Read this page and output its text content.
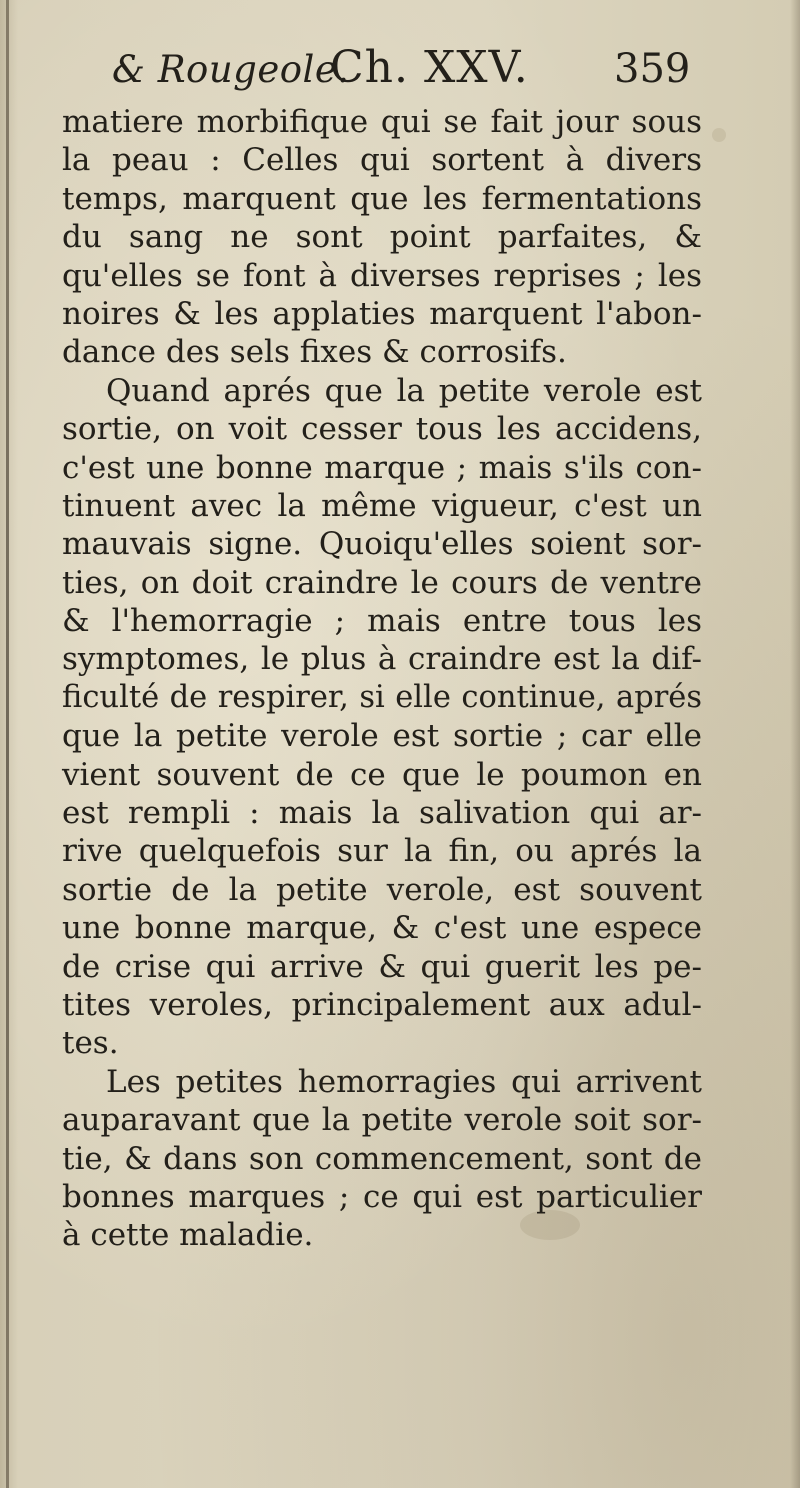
& Rougeole.
Ch. XXV. 359
matiere morbifique qui se fait jour sous
la peau : Celles qui sortent à divers
temps, marquent que les fermentations
du sang ne sont point parfaites, &
qu'elles se font à diverses reprises ; les
noires & les applaties marquent l'abon-
dance des sels fixes & corrosifs.
Quand aprés que la petite verole est
sortie, on voit cesser tous les accidens,
c'est une bonne marque ; mais s'ils con-
tinuent avec la même vigueur, c'est un
mauvais signe. Quoiqu'elles soient sor-
ties, on doit craindre le cours de ventre
& l'hemorragie ; mais entre tous les
symptomes, le plus à craindre est la dif-
ficulté de respirer, si elle continue, aprés
que la petite verole est sortie ; car elle
vient souvent de ce que le poumon en
est rempli : mais la salivation qui ar-
rive quelquefois sur la fin, ou aprés la
sortie de la petite verole, est souvent
une bonne marque, & c'est une espece
de crise qui arrive & qui guerit les pe-
tites veroles, principalement aux adul-
tes.
Les petites hemorragies qui arrivent
auparavant que la petite verole soit sor-
tie, & dans son commencement, sont de
bonnes marques ; ce qui est particulier
à cette maladie.
